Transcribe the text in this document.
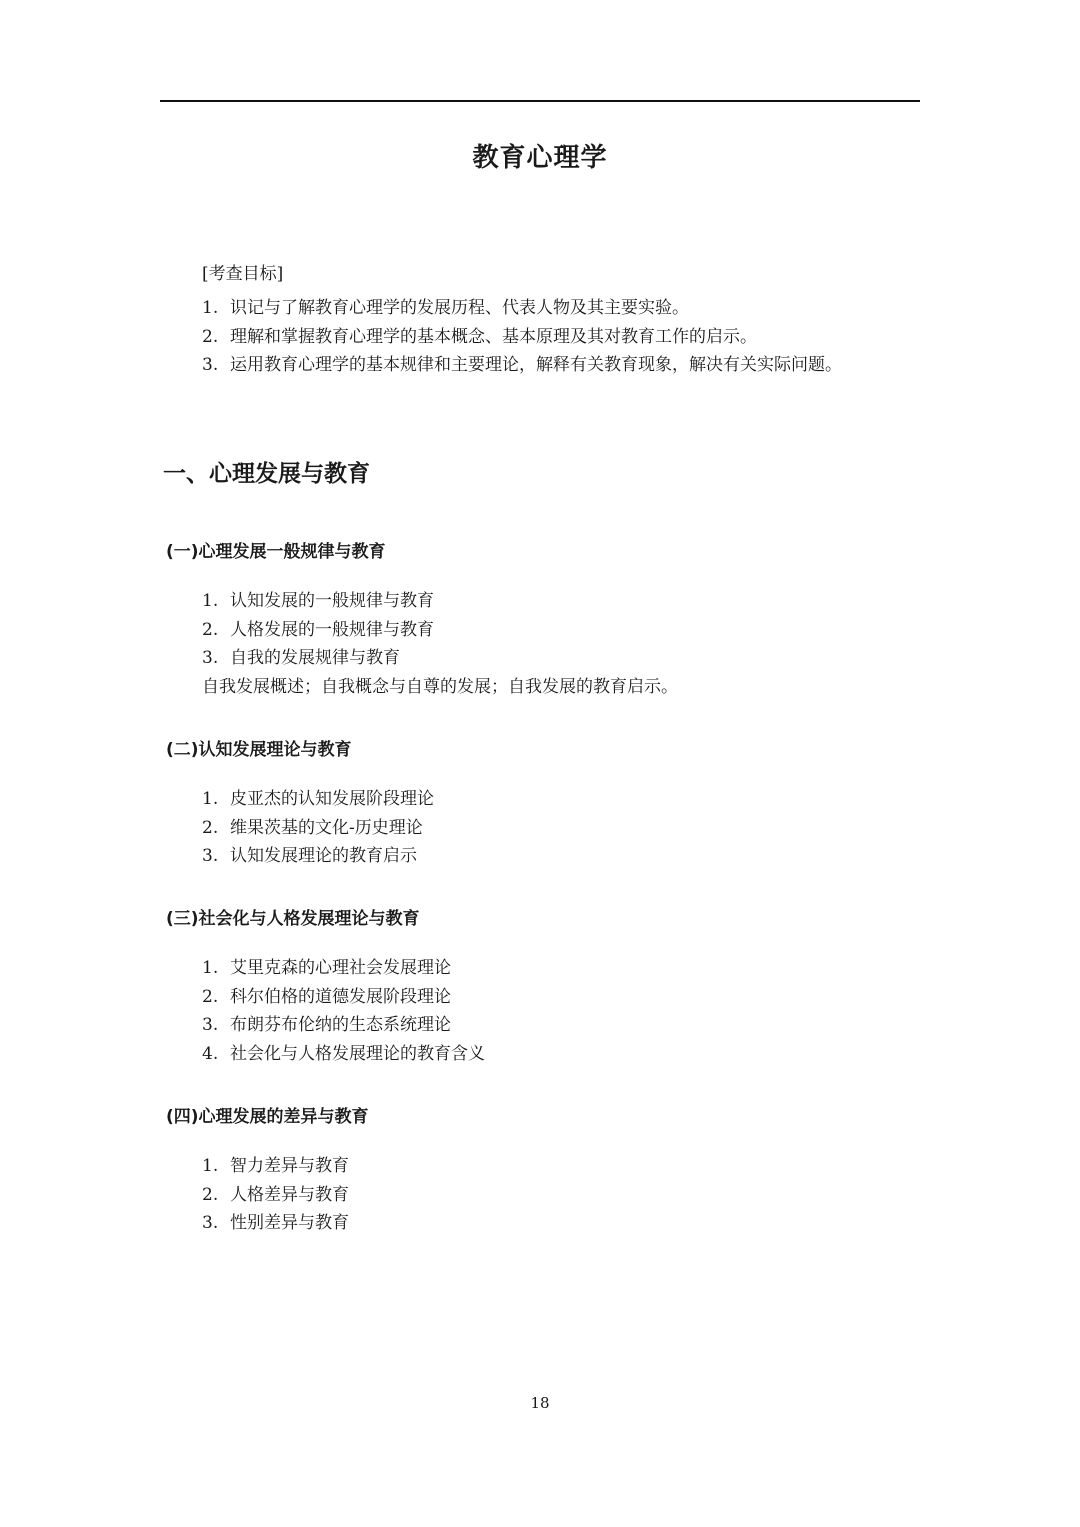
教育心理学
[考查目标]
1. 识记与了解教育心理学的发展历程、代表人物及其主要实验。
2. 理解和掌握教育心理学的基本概念、基本原理及其对教育工作的启示。
3. 运用教育心理学的基本规律和主要理论，解释有关教育现象，解决有关实际问题。
一、心理发展与教育
(一)心理发展一般规律与教育
1. 认知发展的一般规律与教育
2. 人格发展的一般规律与教育
3. 自我的发展规律与教育
自我发展概述；自我概念与自尊的发展；自我发展的教育启示。
(二)认知发展理论与教育
1. 皮亚杰的认知发展阶段理论
2. 维果茨基的文化-历史理论
3. 认知发展理论的教育启示
(三)社会化与人格发展理论与教育
1. 艾里克森的心理社会发展理论
2. 科尔伯格的道德发展阶段理论
3. 布朗芬布伦纳的生态系统理论
4. 社会化与人格发展理论的教育含义
(四)心理发展的差异与教育
1. 智力差异与教育
2. 人格差异与教育
3. 性别差异与教育
18
